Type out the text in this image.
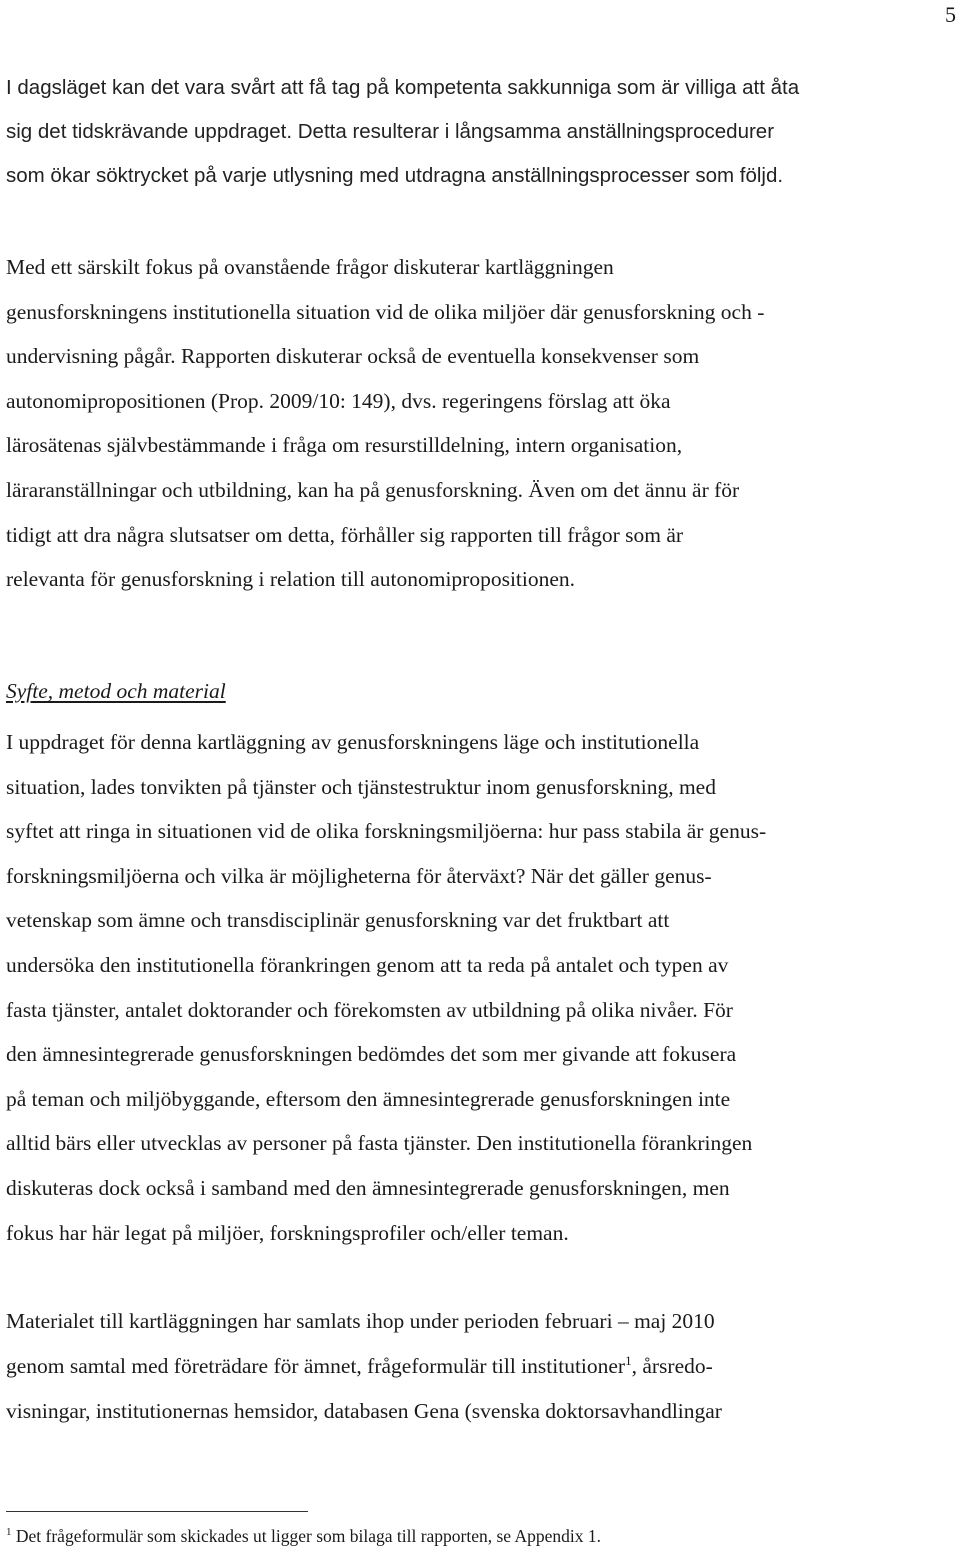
5

I dagsläget kan det vara svårt att få tag på kompetenta sakkunniga som är villiga att åta
sig det tidskrävande uppdraget. Detta resulterar i långsamma anställningsprocedurer
som ökar söktrycket på varje utlysning med utdragna anställningsprocesser som följd.

Med ett särskilt fokus på ovanstående frågor diskuterar kartläggningen
genusforskningens institutionella situation vid de olika miljöer där genusforskning och -
undervisning pågår. Rapporten diskuterar också de eventuella konsekvenser som
autonomipropositionen (Prop. 2009/10: 149), dvs. regeringens förslag att öka
lärosätenas självbestämmande i fråga om resurstilldelning, intern organisation,
läraranställningar och utbildning, kan ha på genusforskning. Även om det ännu är för
tidigt att dra några slutsatser om detta, förhåller sig rapporten till frågor som är
relevanta för genusforskning i relation till autonomipropositionen.

Syfte, metod och material

I uppdraget för denna kartläggning av genusforskningens läge och institutionella
situation, lades tonvikten på tjänster och tjänstestruktur inom genusforskning, med
syftet att ringa in situationen vid de olika forskningsmiljöerna: hur pass stabila är genus-
forskningsmiljöerna och vilka är möjligheterna för återväxt? När det gäller genus-
vetenskap som ämne och transdisciplinär genusforskning var det fruktbart att
undersöka den institutionella förankringen genom att ta reda på antalet och typen av
fasta tjänster, antalet doktorander och förekomsten av utbildning på olika nivåer. För
den ämnesintegrerade genusforskningen bedömdes det som mer givande att fokusera
på teman och miljöbyggande, eftersom den ämnesintegrerade genusforskningen inte
alltid bärs eller utvecklas av personer på fasta tjänster. Den institutionella förankringen
diskuteras dock också i samband med den ämnesintegrerade genusforskningen, men
fokus har här legat på miljöer, forskningsprofiler och/eller teman.

Materialet till kartläggningen har samlats ihop under perioden februari – maj 2010
genom samtal med företrädare för ämnet, frågeformulär till institutioner$^1$, årsredo-
visningar, institutionernas hemsidor, databasen Gena (svenska doktorsavhandlingar

$^1$ Det frågeformulär som skickades ut ligger som bilaga till rapporten, se Appendix 1.
